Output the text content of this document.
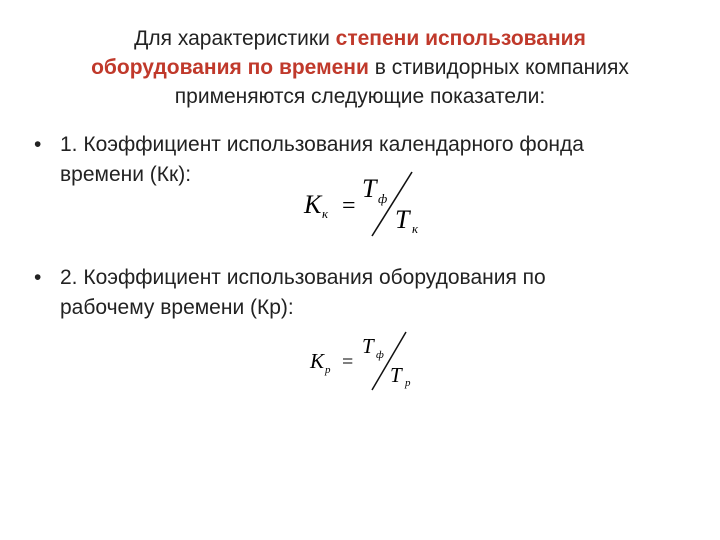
Для характеристики степени использования
оборудования по времени в стивидорных компаниях
применяются следующие показатели:
• 1. Коэффициент использования календарного фонда
времени (Кк):
K к =
T ф
T к
• 2. Коэффициент использования оборудования по
рабочему времени (Кр):
K р =
T ф
T р
